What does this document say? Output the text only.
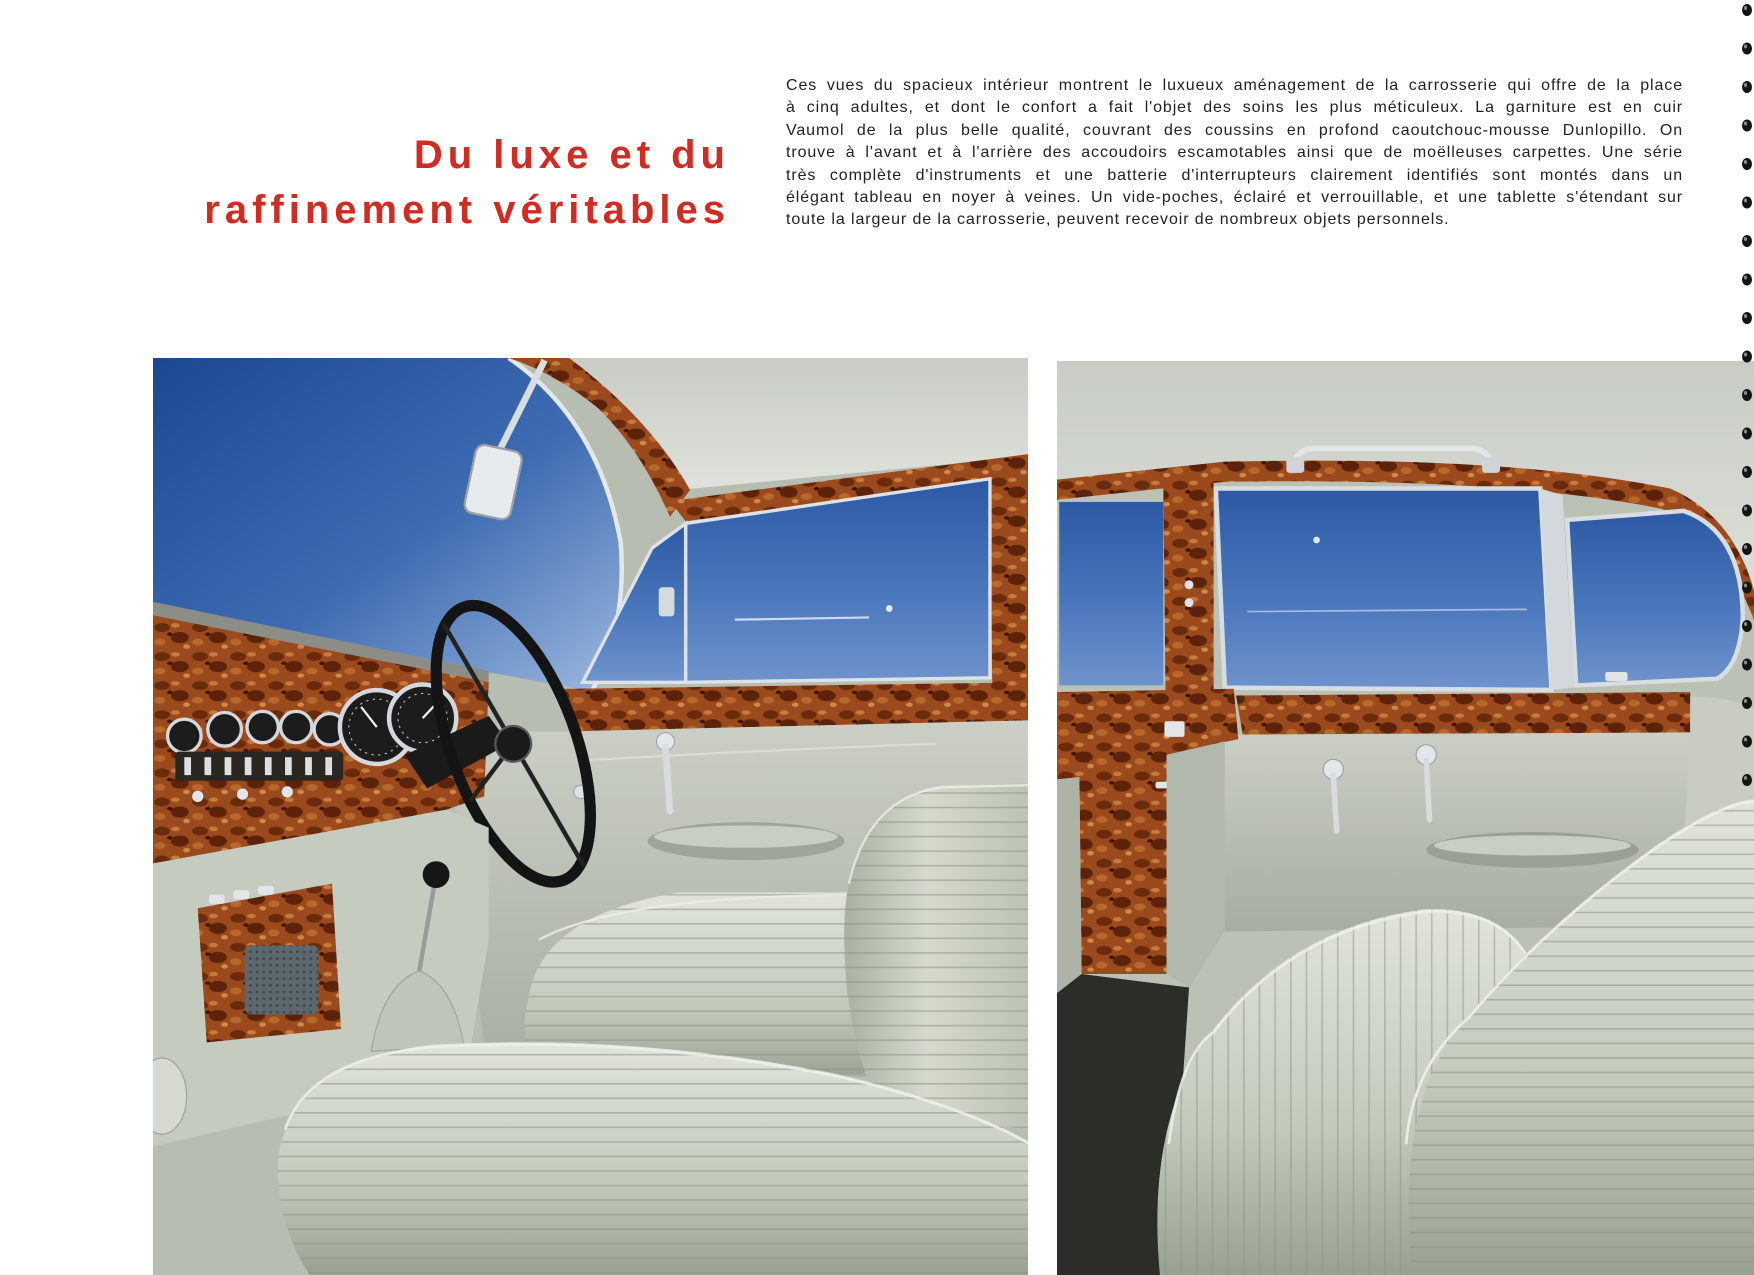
Du luxe et du
raffinement véritables
Ces vues du spacieux intérieur montrent le luxueux aménagement de la carrosserie qui offre de la place
à cinq adultes, et dont le confort a fait l'objet des soins les plus méticuleux. La garniture est en cuir
Vaumol de la plus belle qualité, couvrant des coussins en profond caoutchouc-mousse Dunlopillo. On
trouve à l'avant et à l'arrière des accoudoirs escamotables ainsi que de moëlleuses carpettes. Une série
très complète d'instruments et une batterie d'interrupteurs clairement identifiés sont montés dans un
élégant tableau en noyer à veines. Un vide-poches, éclairé et verrouillable, et une tablette s'étendant sur
toute la largeur de la carrosserie, peuvent recevoir de nombreux objets personnels.
